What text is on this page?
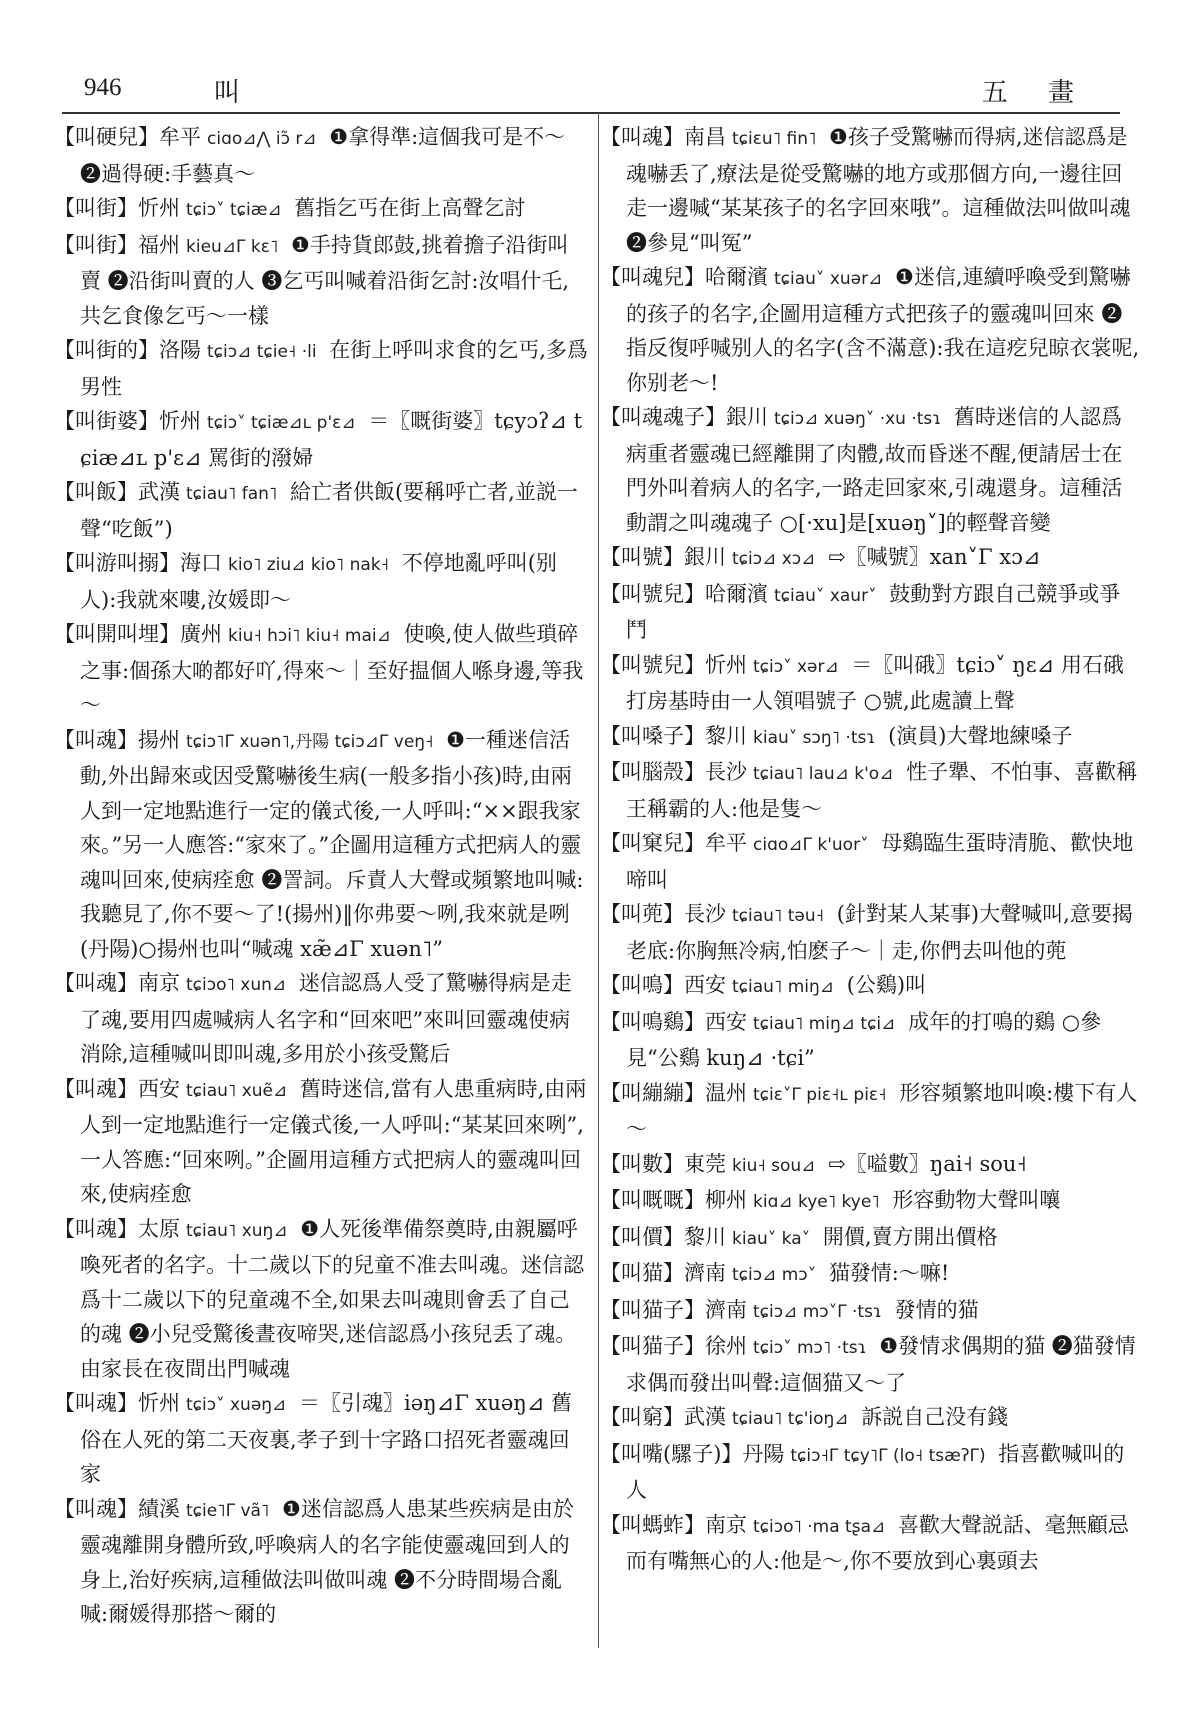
946	叫	五 畫
【 叫硬兒 】 牟平 ciɑo⊿⋀ iɔ̃ r⊿ ❶拿得準:這個我可是不～ ❷過得硬:手藝真～
【 叫街 】 忻州 tɕiɔ˅ tɕiæ⊿ 舊指乞丐在街上高聲乞討
【 叫街 】 福州 kieu⊿Γ kɛ˥ ❶手持貨郎鼓,挑着擔子沿街叫賣 ❷沿街叫賣的人 ❸乞丐叫喊着沿街乞討:汝唱什乇,共乞食像乞丐～一樣
【 叫街的 】 洛陽 tɕiɔ⊿ tɕie˧ ·li 在街上呼叫求食的乞丐,多爲男性
【 叫街婆 】 忻州 tɕiɔ˅ tɕiæ⊿ʟ p'ɛ⊿ ＝〖嘅街婆〗tɕyɔʔ⊿ tɕiæ⊿ʟ p'ɛ⊿ 罵街的潑婦
【 叫飯 】 武漢 tɕiau˥ fan˥ 給亡者供飯(要稱呼亡者,並説一聲“吃飯”)
【 叫游叫搦 】 海口 kio˥ ziu⊿ kio˥ nak˧ 不停地亂呼叫(别人):我就來嘍,汝媛即～
【 叫開叫埋 】 廣州 kiu˧ hɔi˥ kiu˧ mai⊿ 使喚,使人做些瑣碎之事:個孫大啲都好吖,得來～｜至好揾個人喺身邊,等我～
【 叫魂 】 揚州 tɕiɔ˥Γ xuən˥,丹陽 tɕiɔ⊿Γ veŋ˧ ❶一種迷信活動,外出歸來或因受驚嚇後生病(一般多指小孩)時,由兩人到一定地點進行一定的儀式後,一人呼叫:“××跟我家來。”另一人應答:“家來了。”企圖用這種方式把病人的靈魂叫回來,使病痊愈 ❷詈詞。斥責人大聲或頻繁地叫喊:我聽見了,你不要～了!(揚州)‖你弗要～咧,我來就是咧(丹陽)○揚州也叫“喊魂 xæ̃⊿Γ xuən˥”
【 叫魂 】 南京 tɕiɔo˥ xun⊿ 迷信認爲人受了驚嚇得病是走了魂,要用四處喊病人名字和“回來吧”來叫回靈魂使病消除,這種喊叫即叫魂,多用於小孩受驚后
【 叫魂 】 西安 tɕiau˥ xuẽ⊿ 舊時迷信,當有人患重病時,由兩人到一定地點進行一定儀式後,一人呼叫:“某某回來咧”,一人答應:“回來咧。”企圖用這種方式把病人的靈魂叫回來,使病痊愈
【 叫魂 】 太原 tɕiau˥ xuŋ⊿ ❶人死後準備祭奠時,由親屬呼喚死者的名字。十二歲以下的兒童不准去叫魂。迷信認爲十二歲以下的兒童魂不全,如果去叫魂則會丢了自己的魂 ❷小兒受驚後晝夜啼哭,迷信認爲小孩兒丢了魂。由家長在夜間出門喊魂
【 叫魂 】 忻州 tɕiɔ˅ xuəŋ⊿ ＝〖引魂〗iəŋ⊿Γ xuəŋ⊿ 舊俗在人死的第二天夜裏,孝子到十字路口招死者靈魂回家
【 叫魂 】 績溪 tɕie˥Γ vã˥ ❶迷信認爲人患某些疾病是由於靈魂離開身體所致,呼喚病人的名字能使靈魂回到人的身上,治好疾病,這種做法叫做叫魂 ❷不分時間場合亂喊:爾媛得那搭～爾的
【 叫魂 】 南昌 tɕiɛu˥ fin˥ ❶孩子受驚嚇而得病,迷信認爲是魂嚇丢了,療法是從受驚嚇的地方或那個方向,一邊往回走一邊喊“某某孩子的名字回來哦”。這種做法叫做叫魂 ❷參見“叫冤”
【 叫魂兒 】 哈爾濱 tɕiau˅ xuər⊿ ❶迷信,連續呼喚受到驚嚇的孩子的名字,企圖用這種方式把孩子的靈魂叫回來 ❷指反復呼喊别人的名字(含不滿意):我在這疙兒晾衣裳呢,你别老～!
【 叫魂魂子 】 銀川 tɕiɔ⊿ xuəŋ˅ ·xu ·tsɿ 舊時迷信的人認爲病重者靈魂已經離開了肉體,故而昏迷不醒,便請居士在門外叫着病人的名字,一路走回家來,引魂還身。這種活動謂之叫魂魂子 ○[·xu]是[xuəŋ˅]的輕聲音變
【 叫號 】 銀川 tɕiɔ⊿ xɔ⊿ ⇨〖喊號〗xan˅Γ xɔ⊿
【 叫號兒 】 哈爾濱 tɕiau˅ xaur˅ 鼓動對方跟自己競爭或爭鬥
【 叫號兒 】 忻州 tɕiɔ˅ xər⊿ ＝〖叫硪〗tɕiɔ˅ ŋɛ⊿ 用石硪打房基時由一人領唱號子 ○號,此處讀上聲
【 叫嗓子 】 黎川 kiau˅ sɔŋ˥ ·tsɿ (演員)大聲地練嗓子
【 叫腦殼 】 長沙 tɕiau˥ lau⊿ k'o⊿ 性子犟、不怕事、喜歡稱王稱霸的人:他是隻～
【 叫窠兒 】 牟平 ciɑo⊿Γ k'uor˅ 母鷄臨生蛋時清脆、歡快地啼叫
【 叫蔸 】 長沙 tɕiau˥ təu˧ (針對某人某事)大聲喊叫,意要揭老底:你胸無冷病,怕麽子～｜走,你們去叫他的蔸
【 叫鳴 】 西安 tɕiau˥ miŋ⊿ (公鷄)叫
【 叫鳴鷄 】 西安 tɕiau˥ miŋ⊿ tɕi⊿ 成年的打鳴的鷄 ○參見“公鷄 kuŋ⊿ ·tɕi”
【 叫繃繃 】 温州 tɕiɛ˅Γ piɛ˧ʟ piɛ˧ 形容頻繁地叫喚:樓下有人～
【 叫數 】 東莞 kiu˧ sou⊿ ⇨〖嗌數〗ŋai˧ sou˧
【 叫嘅嘅 】 柳州 kiɑ⊿ kye˥ kye˥ 形容動物大聲叫嚷
【 叫價 】 黎川 kiau˅ ka˅ 開價,賣方開出價格
【 叫猫 】 濟南 tɕiɔ⊿ mɔ˅ 猫發情:～嘛!
【 叫猫子 】 濟南 tɕiɔ⊿ mɔ˅Γ ·tsɿ 發情的猫
【 叫猫子 】 徐州 tɕiɔ˅ mɔ˥ ·tsɿ ❶發情求偶期的猫 ❷猫發情求偶而發出叫聲:這個猫又～了
【 叫窮 】 武漢 tɕiau˥ tɕ'ioŋ⊿ 訴説自己没有錢
【 叫嘴(騾子) 】 丹陽 tɕiɔ˧Γ tɕy˥Γ (lo˧ tsæʔΓ) 指喜歡喊叫的人
【 叫螞蚱 】 南京 tɕiɔo˥ ·ma tʂa⊿ 喜歡大聲説話、毫無顧忌而有嘴無心的人:他是～,你不要放到心裏頭去
